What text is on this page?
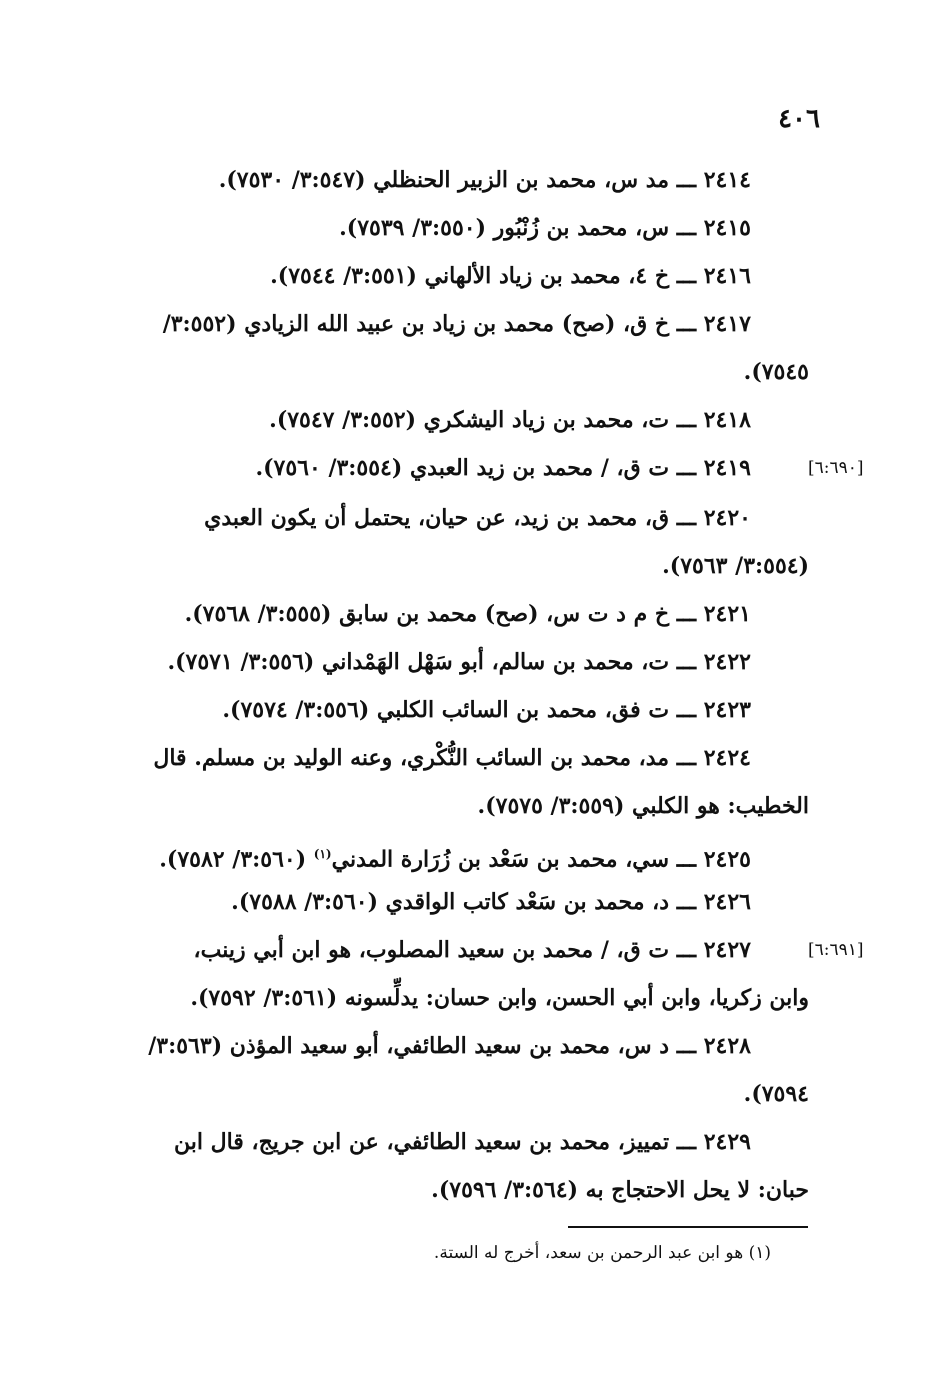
٤٠٦
٢٤١٤ ـــ مد س، محمد بن الزبير الحنظلي (٣:٥٤٧/ ٧٥٣٠).
٢٤١٥ ـــ س، محمد بن زُنْبُور (٣:٥٥٠/ ٧٥٣٩).
٢٤١٦ ـــ خ ٤، محمد بن زياد الألهاني (٣:٥٥١/ ٧٥٤٤).
٢٤١٧ ـــ خ ق، (صح) محمد بن زياد بن عبيد الله الزيادي (٣:٥٥٢/
٧٥٤٥).
٢٤١٨ ـــ ت، محمد بن زياد اليشكري (٣:٥٥٢/ ٧٥٤٧).
٢٤١٩ ـــ ت ق، / محمد بن زيد العبدي (٣:٥٥٤/ ٧٥٦٠).	[٦:٦٩٠]
٢٤٢٠ ـــ ق، محمد بن زيد، عن حيان، يحتمل أن يكون العبدي
(٣:٥٥٤/ ٧٥٦٣).
٢٤٢١ ـــ خ م د ت س، (صح) محمد بن سابق (٣:٥٥٥/ ٧٥٦٨).
٢٤٢٢ ـــ ت، محمد بن سالم، أبو سَهْل الهَمْداني (٣:٥٥٦/ ٧٥٧١).
٢٤٢٣ ـــ ت فق، محمد بن السائب الكلبي (٣:٥٥٦/ ٧٥٧٤).
٢٤٢٤ ـــ مد، محمد بن السائب النُّكْري، وعنه الوليد بن مسلم. قال
الخطيب: هو الكلبي (٣:٥٥٩/ ٧٥٧٥).
٢٤٢٥ ـــ سي، محمد بن سَعْد بن زُرَارة المدني$^{(١)}$ (٣:٥٦٠/ ٧٥٨٢).
٢٤٢٦ ـــ د، محمد بن سَعْد كاتب الواقدي (٣:٥٦٠/ ٧٥٨٨).
٢٤٢٧ ـــ ت ق، / محمد بن سعيد المصلوب، هو ابن أبي زينب،	[٦:٦٩١]
وابن زكريا، وابن أبي الحسن، وابن حسان: يدلِّسونه (٣:٥٦١/ ٧٥٩٢).
٢٤٢٨ ـــ د س، محمد بن سعيد الطائفي، أبو سعيد المؤذن (٣:٥٦٣/
٧٥٩٤).
٢٤٢٩ ـــ تمييز، محمد بن سعيد الطائفي، عن ابن جريج، قال ابن
حبان: لا يحل الاحتجاج به (٣:٥٦٤/ ٧٥٩٦).
(١) هو ابن عبد الرحمن بن سعد، أخرج له الستة.
